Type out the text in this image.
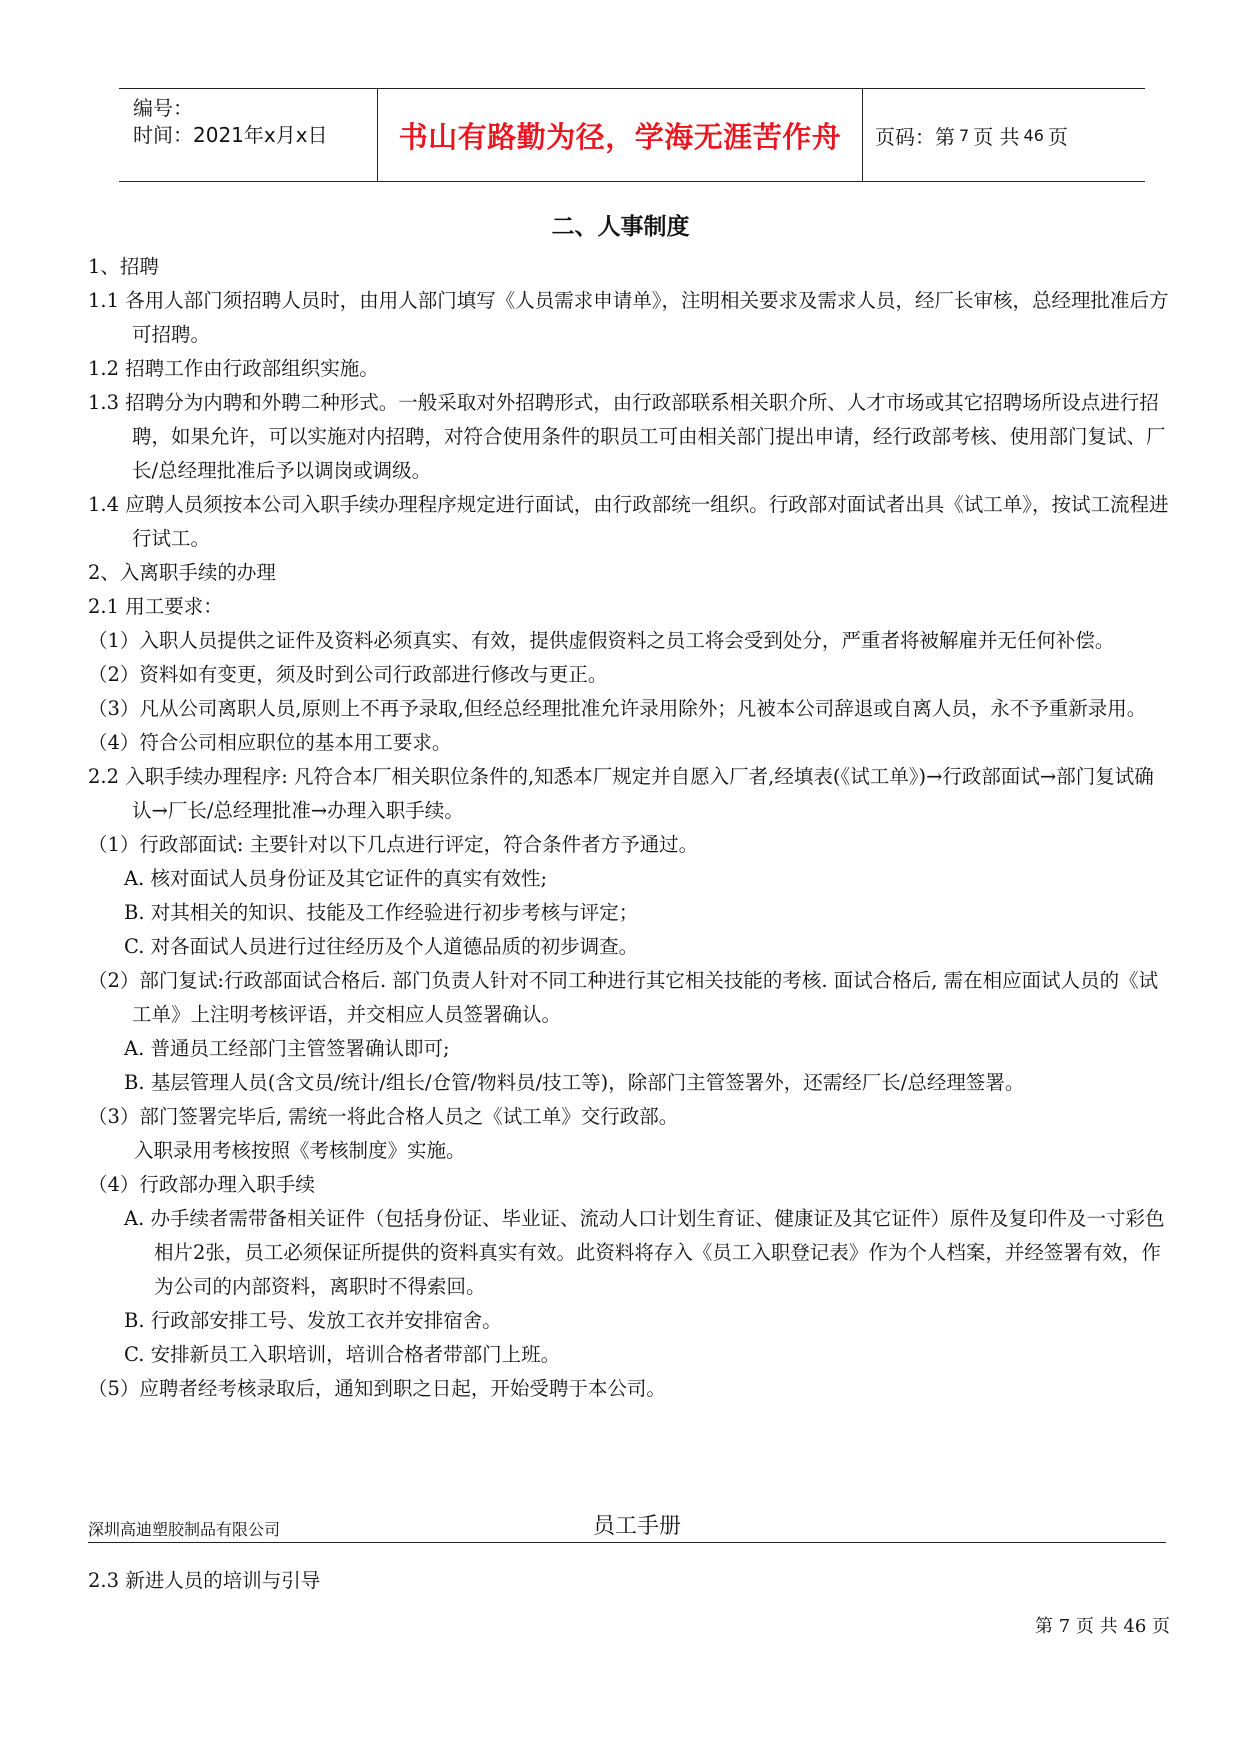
编号：
时间：2021年x月x日	书山有路勤为径，学海无涯苦作舟	页码：第 7 页 共 46 页
二、人事制度

1、招聘

1.1 各用人部门须招聘人员时，由用人部门填写《人员需求申请单》，注明相关要求及需求人员，经厂长审核，总经理批准后方可招聘。

1.2 招聘工作由行政部组织实施。

1.3 招聘分为内聘和外聘二种形式。一般采取对外招聘形式，由行政部联系相关职介所、人才市场或其它招聘场所设点进行招聘，如果允许，可以实施对内招聘，对符合使用条件的职员工可由相关部门提出申请，经行政部考核、使用部门复试、厂长/总经理批准后予以调岗或调级。

1.4 应聘人员须按本公司入职手续办理程序规定进行面试，由行政部统一组织。行政部对面试者出具《试工单》，按试工流程进行试工。

2、入离职手续的办理

2.1 用工要求：

（1）入职人员提供之证件及资料必须真实、有效，提供虚假资料之员工将会受到处分，严重者将被解雇并无任何补偿。

（2）资料如有变更，须及时到公司行政部进行修改与更正。

（3）凡从公司离职人员,原则上不再予录取,但经总经理批准允许录用除外；凡被本公司辞退或自离人员，永不予重新录用。

（4）符合公司相应职位的基本用工要求。

2.2 入职手续办理程序: 凡符合本厂相关职位条件的,知悉本厂规定并自愿入厂者,经填表(《试工单》)→行政部面试→部门复试确认→厂长/总经理批准→办理入职手续。

（1）行政部面试: 主要针对以下几点进行评定，符合条件者方予通过。

A. 核对面试人员身份证及其它证件的真实有效性;

B. 对其相关的知识、技能及工作经验进行初步考核与评定；

C. 对各面试人员进行过往经历及个人道德品质的初步调查。

（2）部门复试:行政部面试合格后. 部门负责人针对不同工种进行其它相关技能的考核. 面试合格后, 需在相应面试人员的《试工单》上注明考核评语，并交相应人员签署确认。

A. 普通员工经部门主管签署确认即可;

B. 基层管理人员(含文员/统计/组长/仓管/物料员/技工等)，除部门主管签署外，还需经厂长/总经理签署。

（3）部门签署完毕后, 需统一将此合格人员之《试工单》交行政部。

入职录用考核按照《考核制度》实施。

（4）行政部办理入职手续

A. 办手续者需带备相关证件（包括身份证、毕业证、流动人口计划生育证、健康证及其它证件）原件及复印件及一寸彩色相片2张，员工必须保证所提供的资料真实有效。此资料将存入《员工入职登记表》作为个人档案，并经签署有效，作为公司的内部资料，离职时不得索回。

B. 行政部安排工号、发放工衣并安排宿舍。

C. 安排新员工入职培训，培训合格者带部门上班。

（5）应聘者经考核录取后，通知到职之日起，开始受聘于本公司。

深圳高迪塑胶制品有限公司	员工手册
2.3 新进人员的培训与引导
第 7 页 共 46 页
